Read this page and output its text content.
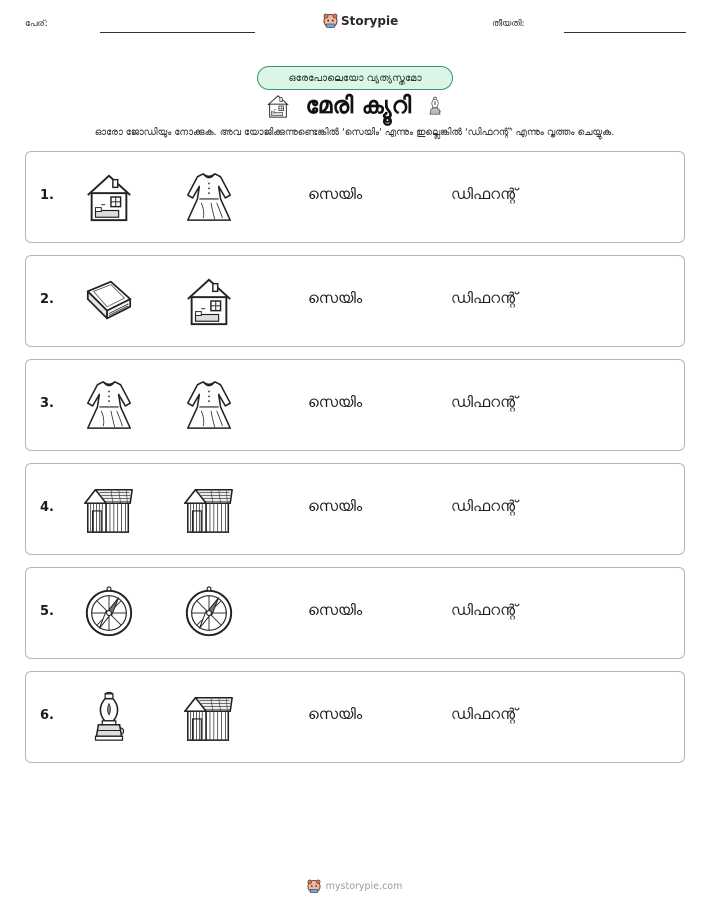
പേര്:	Storypie	തീയതി:
ഒരേപോലെയോ വ്യത്യസ്തമോ
മേരി ക്യൂറി
ഓരോ ജോഡിയും നോക്കുക. അവ യോജിക്കുന്നുണ്ടെങ്കിൽ 'സെയിം' എന്നും ഇല്ലെങ്കിൽ 'ഡിഫറന്റ്' എന്നും വൃത്തം ചെയ്യുക.
1.	സെയിം	ഡിഫറന്റ്
2.	സെയിം	ഡിഫറന്റ്
3.	സെയിം	ഡിഫറന്റ്
4.	സെയിം	ഡിഫറന്റ്
5.	സെയിം	ഡിഫറന്റ്
6.	സെയിം	ഡിഫറന്റ്
mystorypie.com
